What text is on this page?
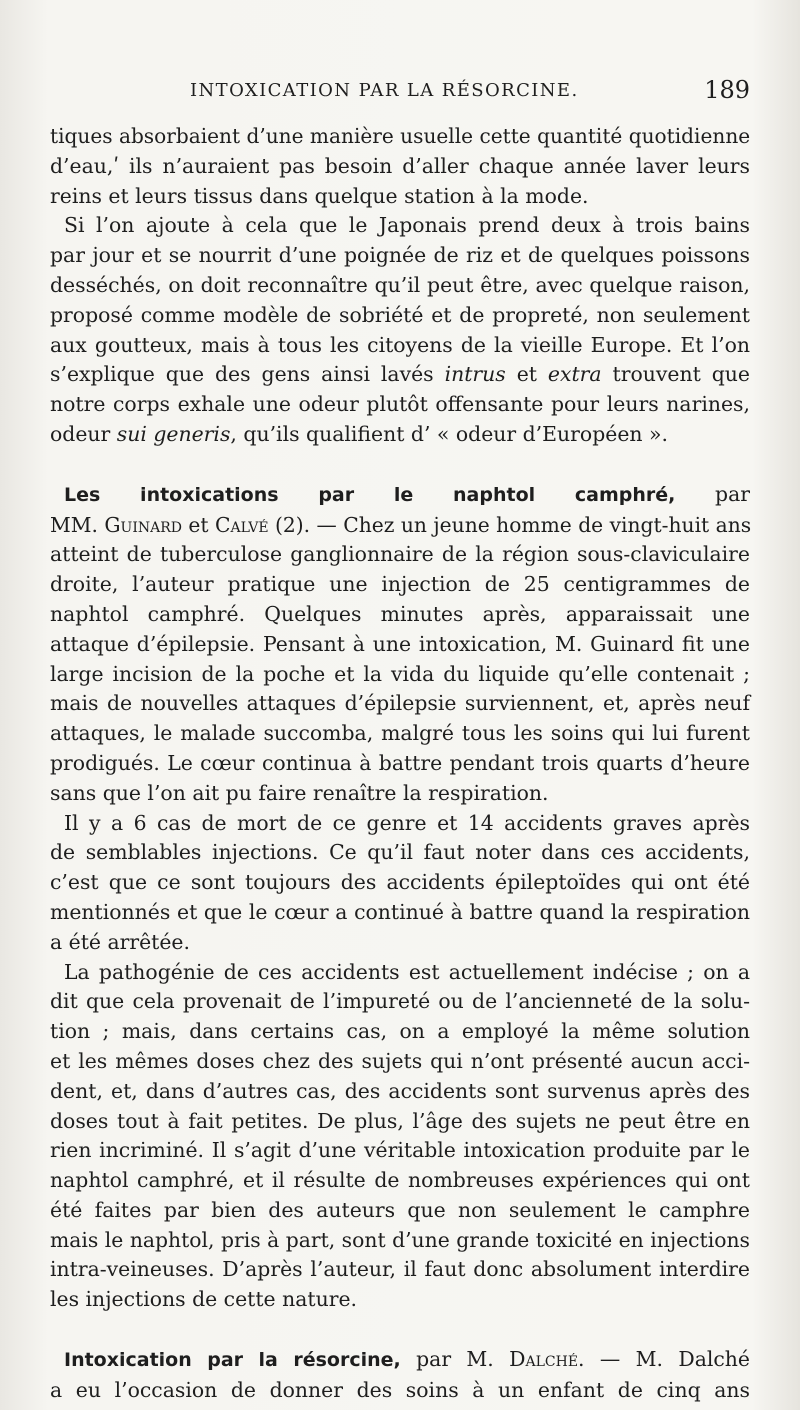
INTOXICATION PAR LA RÉSORCINE.	189
tiques absorbaient d’une manière usuelle cette quantité quotidienne
d’eau,ʹ ils n’auraient pas besoin d’aller chaque année laver leurs
reins et leurs tissus dans quelque station à la mode.
Si l’on ajoute à cela que le Japonais prend deux à trois bains
par jour et se nourrit d’une poignée de riz et de quelques poissons
desséchés, on doit reconnaître qu’il peut être, avec quelque raison,
proposé comme modèle de sobriété et de propreté, non seulement
aux goutteux, mais à tous les citoyens de la vieille Europe. Et l’on
s’explique que des gens ainsi lavés intrus et extra trouvent que
notre corps exhale une odeur plutôt offensante pour leurs narines,
odeur sui generis, qu’ils qualifient d’ « odeur d’Européen ».
Les intoxications par le naphtol camphré, par
MM. Guinard et Calvé (2). — Chez un jeune homme de vingt-huit ans
atteint de tuberculose ganglionnaire de la région sous-claviculaire
droite, l’auteur pratique une injection de 25 centigrammes de
naphtol camphré. Quelques minutes après, apparaissait une
attaque d’épilepsie. Pensant à une intoxication, M. Guinard fit une
large incision de la poche et la vida du liquide qu’elle contenait ;
mais de nouvelles attaques d’épilepsie surviennent, et, après neuf
attaques, le malade succomba, malgré tous les soins qui lui furent
prodigués. Le cœur continua à battre pendant trois quarts d’heure
sans que l’on ait pu faire renaître la respiration.
Il y a 6 cas de mort de ce genre et 14 accidents graves après
de semblables injections. Ce qu’il faut noter dans ces accidents,
c’est que ce sont toujours des accidents épileptoïdes qui ont été
mentionnés et que le cœur a continué à battre quand la respiration
a été arrêtée.
La pathogénie de ces accidents est actuellement indécise ; on a
dit que cela provenait de l’impureté ou de l’ancienneté de la solu-
tion ; mais, dans certains cas, on a employé la même solution
et les mêmes doses chez des sujets qui n’ont présenté aucun acci-
dent, et, dans d’autres cas, des accidents sont survenus après des
doses tout à fait petites. De plus, l’âge des sujets ne peut être en
rien incriminé. Il s’agit d’une véritable intoxication produite par le
naphtol camphré, et il résulte de nombreuses expériences qui ont
été faites par bien des auteurs que non seulement le camphre
mais le naphtol, pris à part, sont d’une grande toxicité en injections
intra-veineuses. D’après l’auteur, il faut donc absolument interdire
les injections de cette nature.
Intoxication par la résorcine, par M. Dalché. — M. Dalché
a eu l’occasion de donner des soins à un enfant de cinq ans
